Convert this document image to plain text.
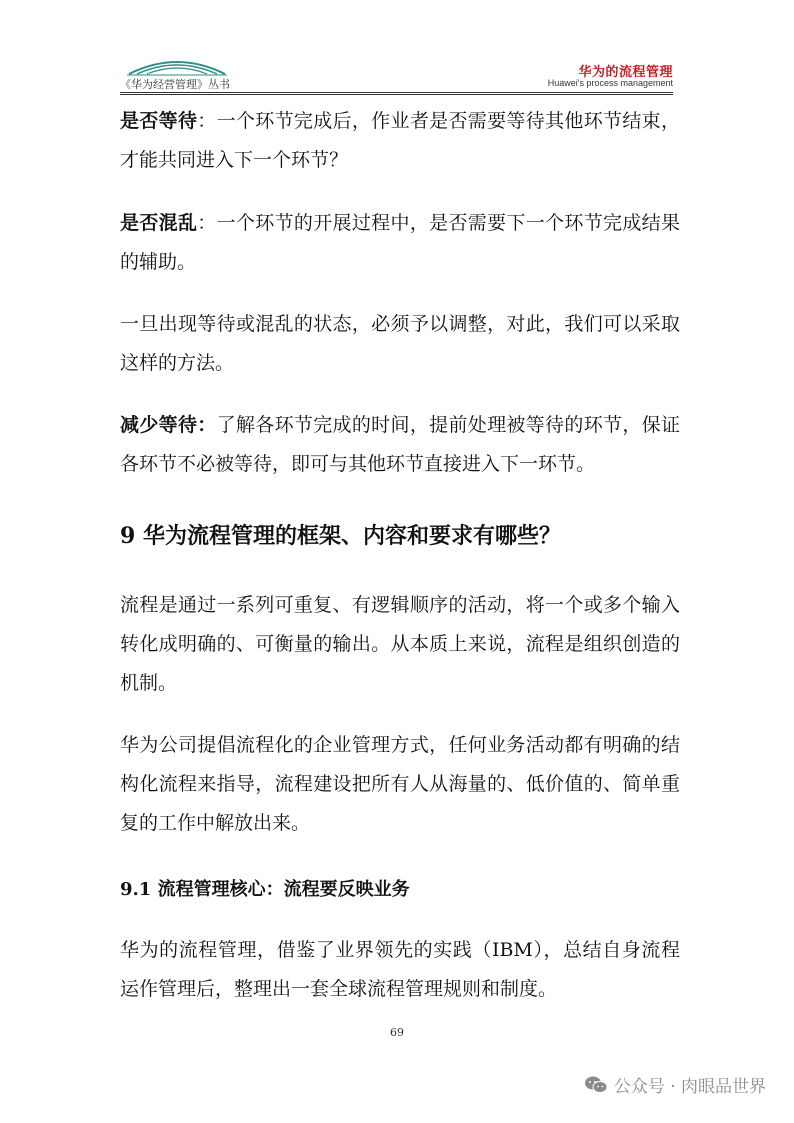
《华为经营管理》丛书
华为的流程管理
Huawei's process management

是否等待：一个环节完成后，作业者是否需要等待其他环节结束，才能共同进入下一个环节？

是否混乱：一个环节的开展过程中，是否需要下一个环节完成结果的辅助。

一旦出现等待或混乱的状态，必须予以调整，对此，我们可以采取这样的方法。

减少等待：了解各环节完成的时间，提前处理被等待的环节，保证各环节不必被等待，即可与其他环节直接进入下一环节。

9 华为流程管理的框架、内容和要求有哪些？

流程是通过一系列可重复、有逻辑顺序的活动，将一个或多个输入转化成明确的、可衡量的输出。从本质上来说，流程是组织创造的机制。

华为公司提倡流程化的企业管理方式，任何业务活动都有明确的结构化流程来指导，流程建设把所有人从海量的、低价值的、简单重复的工作中解放出来。

9.1 流程管理核心：流程要反映业务

华为的流程管理，借鉴了业界领先的实践（IBM），总结自身流程运作管理后，整理出一套全球流程管理规则和制度。

69
公众号 · 肉眼品世界
